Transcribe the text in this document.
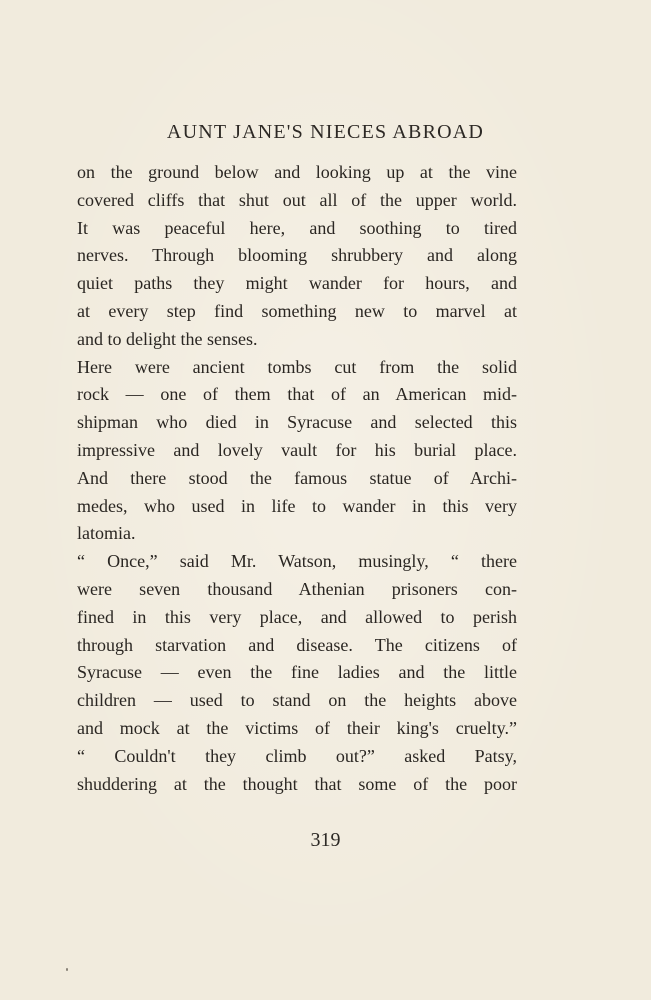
AUNT JANE'S NIECES ABROAD
on the ground below and looking up at the vine
covered cliffs that shut out all of the upper world.
It was peaceful here, and soothing to tired
nerves. Through blooming shrubbery and along
quiet paths they might wander for hours, and
at every step find something new to marvel at
and to delight the senses.
Here were ancient tombs cut from the solid
rock — one of them that of an American mid-
shipman who died in Syracuse and selected this
impressive and lovely vault for his burial place.
And there stood the famous statue of Archi-
medes, who used in life to wander in this very
latomia.
“ Once,” said Mr. Watson, musingly, “ there
were seven thousand Athenian prisoners con-
fined in this very place, and allowed to perish
through starvation and disease. The citizens of
Syracuse — even the fine ladies and the little
children — used to stand on the heights above
and mock at the victims of their king's cruelty.”
“ Couldn't they climb out?” asked Patsy,
shuddering at the thought that some of the poor
319
